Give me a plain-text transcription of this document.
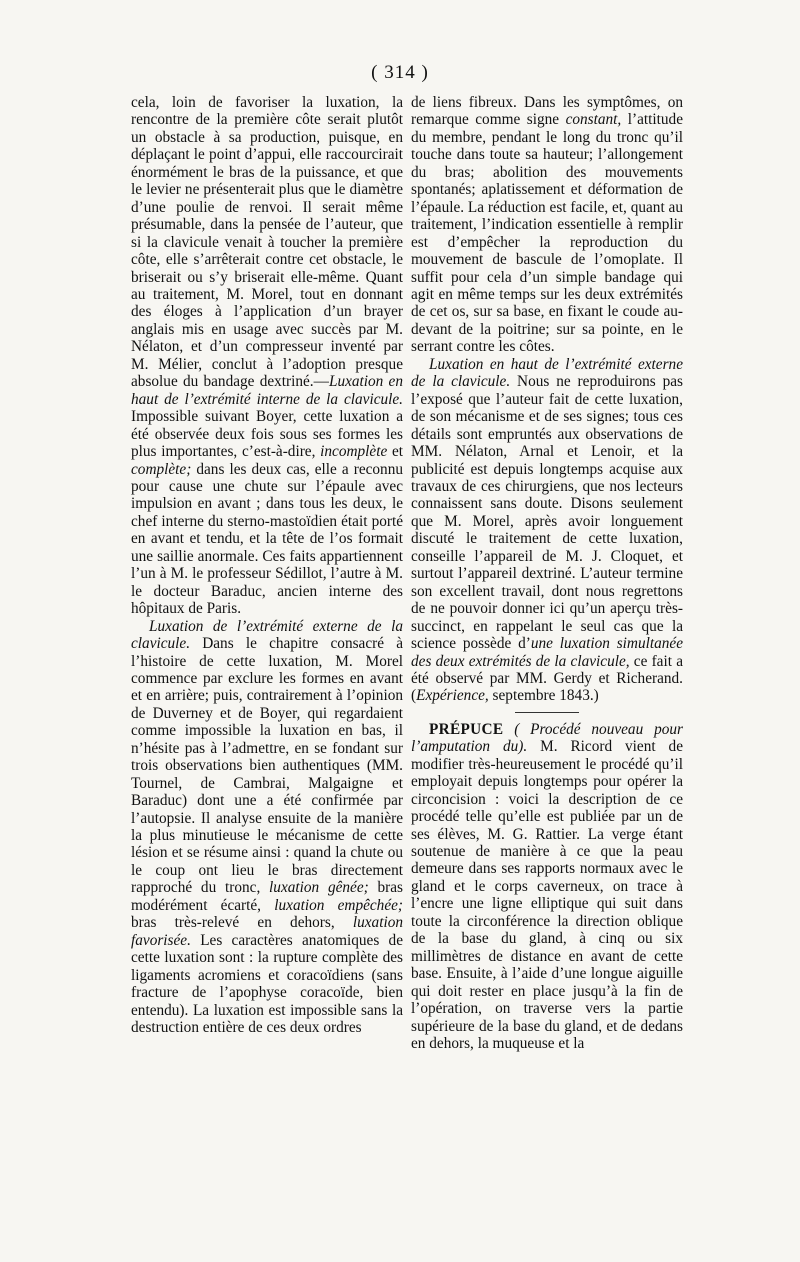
( 314 )

cela, loin de favoriser la luxation, la rencontre de la première côte serait plutôt un obstacle à sa production, puisque, en déplaçant le point d’appui, elle raccourcirait énormément le bras de la puissance, et que le levier ne présenterait plus que le diamètre d’une poulie de renvoi. Il serait même présumable, dans la pensée de l’auteur, que si la clavicule venait à toucher la première côte, elle s’arrêterait contre cet obstacle, le briserait ou s’y briserait elle-même. Quant au traitement, M. Morel, tout en donnant des éloges à l’application d’un brayer anglais mis en usage avec succès par M. Nélaton, et d’un compresseur inventé par M. Mélier, conclut à l’adoption presque absolue du bandage dextriné.—Luxation en haut de l’extrémité interne de la clavicule. Impossible suivant Boyer, cette luxation a été observée deux fois sous ses formes les plus importantes, c’est-à-dire, incomplète et complète; dans les deux cas, elle a reconnu pour cause une chute sur l’épaule avec impulsion en avant ; dans tous les deux, le chef interne du sterno-mastoïdien était porté en avant et tendu, et la tête de l’os formait une saillie anormale. Ces faits appartiennent l’un à M. le professeur Sédillot, l’autre à M. le docteur Baraduc, ancien interne des hôpitaux de Paris.

Luxation de l’extrémité externe de la clavicule. Dans le chapitre consacré à l’histoire de cette luxation, M. Morel commence par exclure les formes en avant et en arrière; puis, contrairement à l’opinion de Duverney et de Boyer, qui regardaient comme impossible la luxation en bas, il n’hésite pas à l’admettre, en se fondant sur trois observations bien authentiques (MM. Tournel, de Cambrai, Malgaigne et Baraduc) dont une a été confirmée par l’autopsie. Il analyse ensuite de la manière la plus minutieuse le mécanisme de cette lésion et se résume ainsi : quand la chute ou le coup ont lieu le bras directement rapproché du tronc, luxation gênée; bras modérément écarté, luxation empêchée; bras très-relevé en dehors, luxation favorisée. Les caractères anatomiques de cette luxation sont : la rupture complète des ligaments acromiens et coracoïdiens (sans fracture de l’apophyse coracoïde, bien entendu). La luxation est impossible sans la destruction entière de ces deux ordres

de liens fibreux. Dans les symptômes, on remarque comme signe constant, l’attitude du membre, pendant le long du tronc qu’il touche dans toute sa hauteur; l’allongement du bras; abolition des mouvements spontanés; aplatissement et déformation de l’épaule. La réduction est facile, et, quant au traitement, l’indication essentielle à remplir est d’empêcher la reproduction du mouvement de bascule de l’omoplate. Il suffit pour cela d’un simple bandage qui agit en même temps sur les deux extrémités de cet os, sur sa base, en fixant le coude au-devant de la poitrine; sur sa pointe, en le serrant contre les côtes.

Luxation en haut de l’extrémité externe de la clavicule. Nous ne reproduirons pas l’exposé que l’auteur fait de cette luxation, de son mécanisme et de ses signes; tous ces détails sont empruntés aux observations de MM. Nélaton, Arnal et Lenoir, et la publicité est depuis longtemps acquise aux travaux de ces chirurgiens, que nos lecteurs connaissent sans doute. Disons seulement que M. Morel, après avoir longuement discuté le traitement de cette luxation, conseille l’appareil de M. J. Cloquet, et surtout l’appareil dextriné. L’auteur termine son excellent travail, dont nous regrettons de ne pouvoir donner ici qu’un aperçu très-succinct, en rappelant le seul cas que la science possède d’une luxation simultanée des deux extrémités de la clavicule, ce fait a été observé par MM. Gerdy et Richerand. (Expérience, septembre 1843.)

PRÉPUCE ( Procédé nouveau pour l’amputation du). M. Ricord vient de modifier très-heureusement le procédé qu’il employait depuis longtemps pour opérer la circoncision : voici la description de ce procédé telle qu’elle est publiée par un de ses élèves, M. G. Rattier. La verge étant soutenue de manière à ce que la peau demeure dans ses rapports normaux avec le gland et le corps caverneux, on trace à l’encre une ligne elliptique qui suit dans toute la circonférence la direction oblique de la base du gland, à cinq ou six millimètres de distance en avant de cette base. Ensuite, à l’aide d’une longue aiguille qui doit rester en place jusqu’à la fin de l’opération, on traverse vers la partie supérieure de la base du gland, et de dedans en dehors, la muqueuse et la
